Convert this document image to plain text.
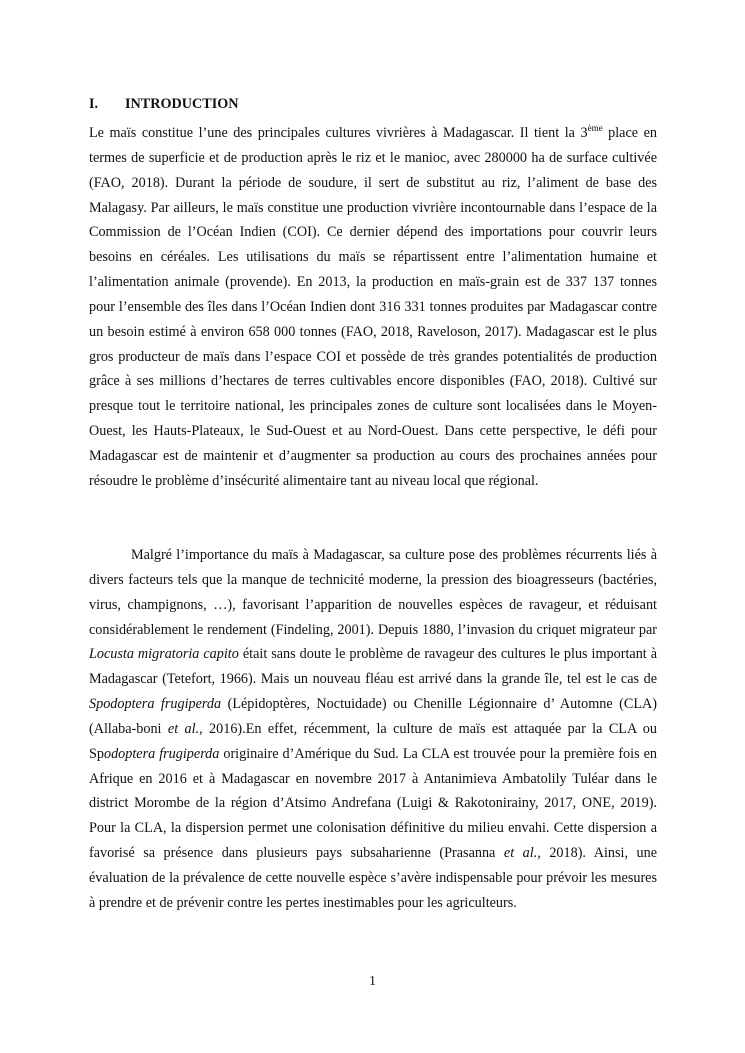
I. INTRODUCTION

Le maïs constitue l’une des principales cultures vivrières à Madagascar. Il tient la 3ème place en termes de superficie et de production après le riz et le manioc, avec 280000 ha de surface cultivée (FAO, 2018). Durant la période de soudure, il sert de substitut au riz, l’aliment de base des Malagasy. Par ailleurs, le maïs constitue une production vivrière incontournable dans l’espace de la Commission de l’Océan Indien (COI). Ce dernier dépend des importations pour couvrir leurs besoins en céréales. Les utilisations du maïs se répartissent entre l’alimentation humaine et l’alimentation animale (provende). En 2013, la production en maïs-grain est de 337 137 tonnes pour l’ensemble des îles dans l’Océan Indien dont 316 331 tonnes produites par Madagascar contre un besoin estimé à environ 658 000 tonnes (FAO, 2018, Raveloson, 2017). Madagascar est le plus gros producteur de maïs dans l’espace COI et possède de très grandes potentialités de production grâce à ses millions d’hectares de terres cultivables encore disponibles (FAO, 2018). Cultivé sur presque tout le territoire national, les principales zones de culture sont localisées dans le Moyen-Ouest, les Hauts-Plateaux, le Sud-Ouest et au Nord-Ouest. Dans cette perspective, le défi pour Madagascar est de maintenir et d’augmenter sa production au cours des prochaines années pour résoudre le problème d’insécurité alimentaire tant au niveau local que régional.

Malgré l’importance du maïs à Madagascar, sa culture pose des problèmes récurrents liés à divers facteurs tels que la manque de technicité moderne, la pression des bioagresseurs (bactéries, virus, champignons, …), favorisant l’apparition de nouvelles espèces de ravageur, et réduisant considérablement le rendement (Findeling, 2001). Depuis 1880, l’invasion du criquet migrateur par Locusta migratoria capito était sans doute le problème de ravageur des cultures le plus important à Madagascar (Tetefort, 1966). Mais un nouveau fléau est arrivé dans la grande île, tel est le cas de Spodoptera frugiperda (Lépidoptères, Noctuidade) ou Chenille Légionnaire d’ Automne (CLA) (Allaba-boni et al., 2016).En effet, récemment, la culture de maïs est attaquée par la CLA ou Spodoptera frugiperda originaire d’Amérique du Sud. La CLA est trouvée pour la première fois en Afrique en 2016 et à Madagascar en novembre 2017 à Antanimieva Ambatolily Tuléar dans le district Morombe de la région d’Atsimo Andrefana (Luigi & Rakotonirainy, 2017, ONE, 2019). Pour la CLA, la dispersion permet une colonisation définitive du milieu envahi. Cette dispersion a favorisé sa présence dans plusieurs pays subsaharienne (Prasanna et al., 2018). Ainsi, une évaluation de la prévalence de cette nouvelle espèce s’avère indispensable pour prévoir les mesures à prendre et de prévenir contre les pertes inestimables pour les agriculteurs.

1
